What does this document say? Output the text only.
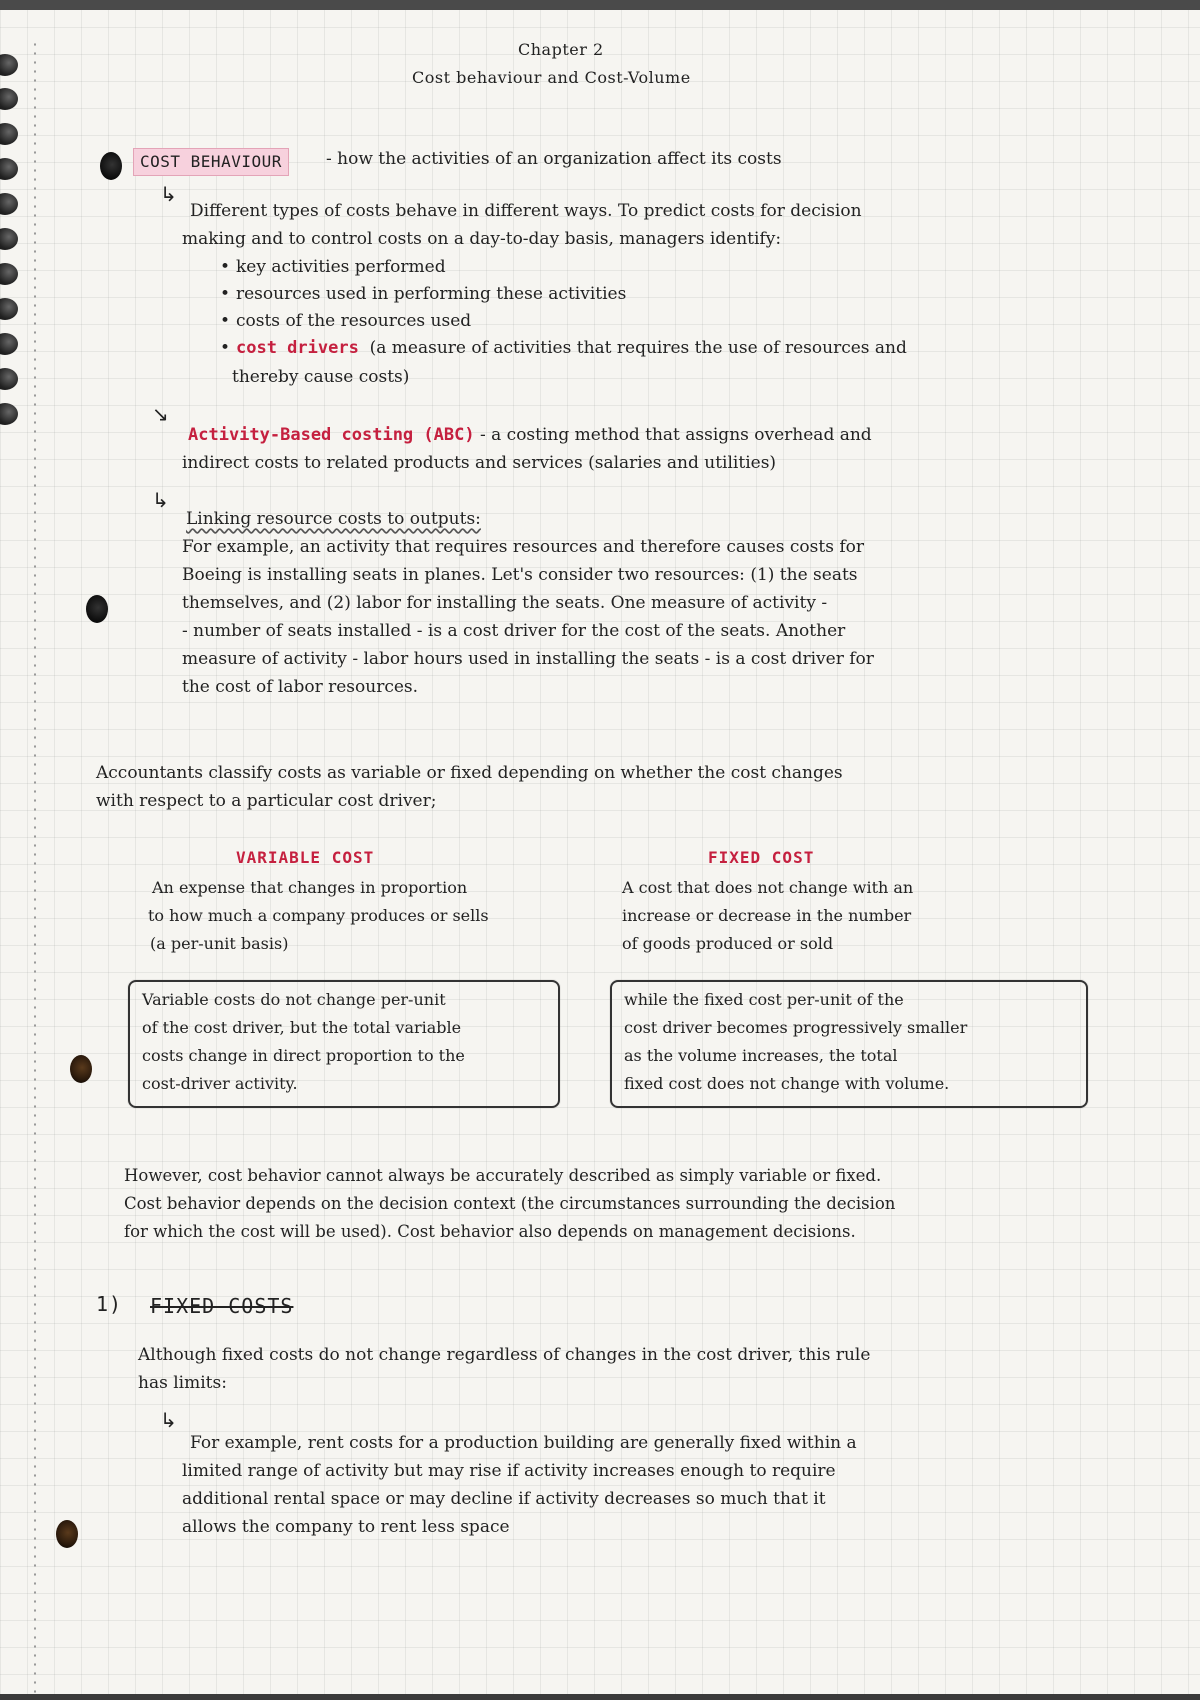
Chapter 2
Cost behaviour and Cost-Volume
COST BEHAVIOUR	- how the activities of an organization affect its costs
↳
Different types of costs behave in different ways. To predict costs for decision
making and to control costs on a day-to-day basis, managers identify:
• key activities performed
• resources used in performing these activities
• costs of the resources used
• cost drivers (a measure of activities that requires the use of resources and
thereby cause costs)
↘
Activity-Based costing (ABC) - a costing method that assigns overhead and
indirect costs to related products and services (salaries and utilities)
↳
Linking resource costs to outputs:
For example, an activity that requires resources and therefore causes costs for
Boeing is installing seats in planes. Let's consider two resources: (1) the seats
themselves, and (2) labor for installing the seats. One measure of activity -
- number of seats installed - is a cost driver for the cost of the seats. Another
measure of activity - labor hours used in installing the seats - is a cost driver for
the cost of labor resources.
Accountants classify costs as variable or fixed depending on whether the cost changes
with respect to a particular cost driver;
VARIABLE COST
An expense that changes in proportion
to how much a company produces or sells
(a per-unit basis)
Variable costs do not change per-unit
of the cost driver, but the total variable
costs change in direct proportion to the
cost-driver activity.
FIXED COST
A cost that does not change with an
increase or decrease in the number
of goods produced or sold
while the fixed cost per-unit of the
cost driver becomes progressively smaller
as the volume increases, the total
fixed cost does not change with volume.
However, cost behavior cannot always be accurately described as simply variable or fixed.
Cost behavior depends on the decision context (the circumstances surrounding the decision
for which the cost will be used). Cost behavior also depends on management decisions.
1) FIXED COSTS
Although fixed costs do not change regardless of changes in the cost driver, this rule
has limits:
↳
For example, rent costs for a production building are generally fixed within a
limited range of activity but may rise if activity increases enough to require
additional rental space or may decline if activity decreases so much that it
allows the company to rent less space
